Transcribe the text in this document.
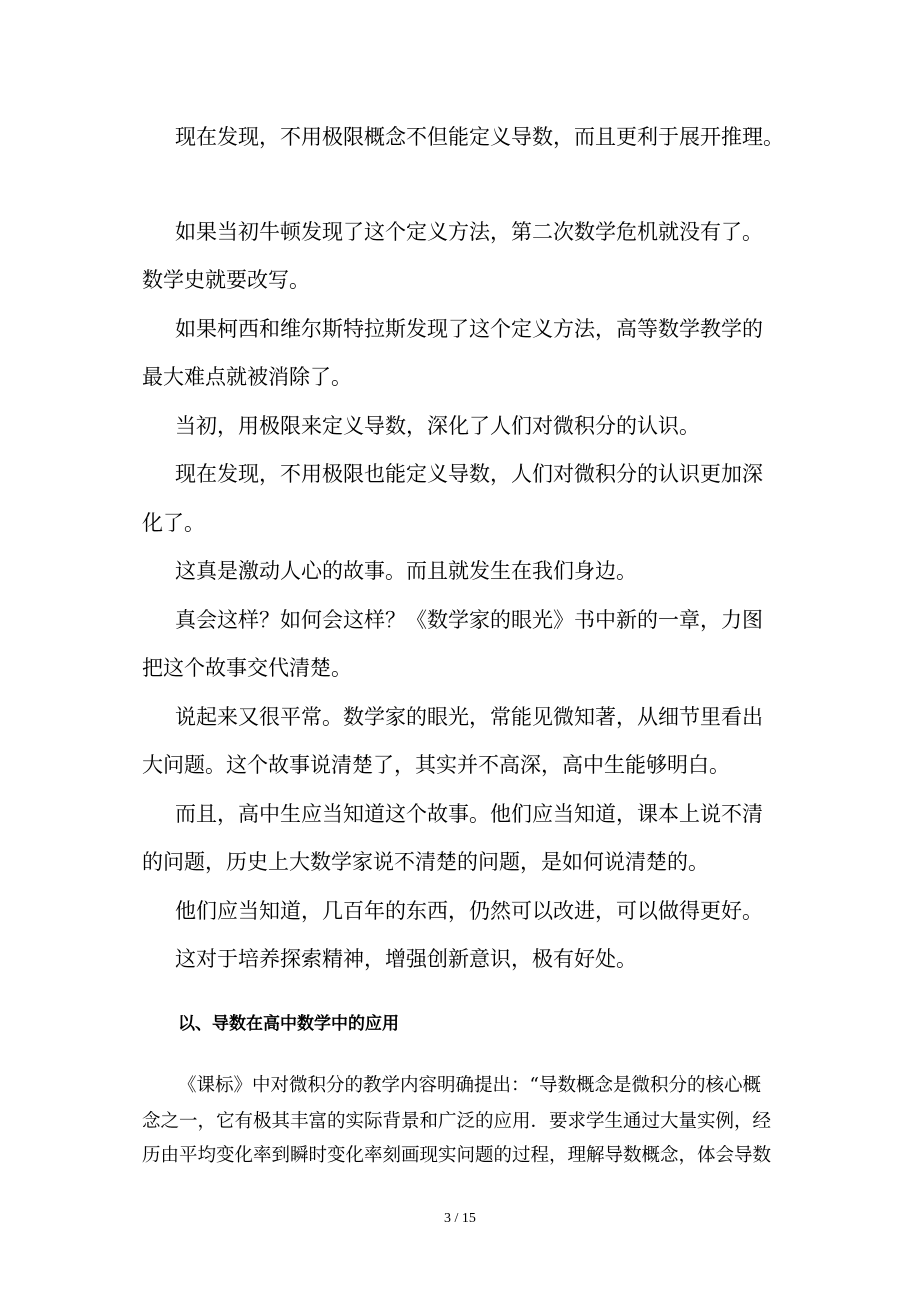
现在发现，不用极限概念不但能定义导数，而且更利于展开推理。
如果当初牛顿发现了这个定义方法，第二次数学危机就没有了。
数学史就要改写。
如果柯西和维尔斯特拉斯发现了这个定义方法，高等数学教学的
最大难点就被消除了。
当初，用极限来定义导数，深化了人们对微积分的认识。
现在发现，不用极限也能定义导数，人们对微积分的认识更加深
化了。
这真是激动人心的故事。而且就发生在我们身边。
真会这样？如何会这样？《数学家的眼光》书中新的一章，力图
把这个故事交代清楚。
说起来又很平常。数学家的眼光，常能见微知著，从细节里看出
大问题。这个故事说清楚了，其实并不高深，高中生能够明白。
而且，高中生应当知道这个故事。他们应当知道，课本上说不清
的问题，历史上大数学家说不清楚的问题，是如何说清楚的。
他们应当知道，几百年的东西，仍然可以改进，可以做得更好。
这对于培养探索精神，增强创新意识，极有好处。
以、导数在高中数学中的应用
《课标》中对微积分的教学内容明确提出：“导数概念是微积分的核心概
念之一，它有极其丰富的实际背景和广泛的应用．要求学生通过大量实例，经
历由平均变化率到瞬时变化率刻画现实问题的过程，理解导数概念，体会导数
3 / 15
